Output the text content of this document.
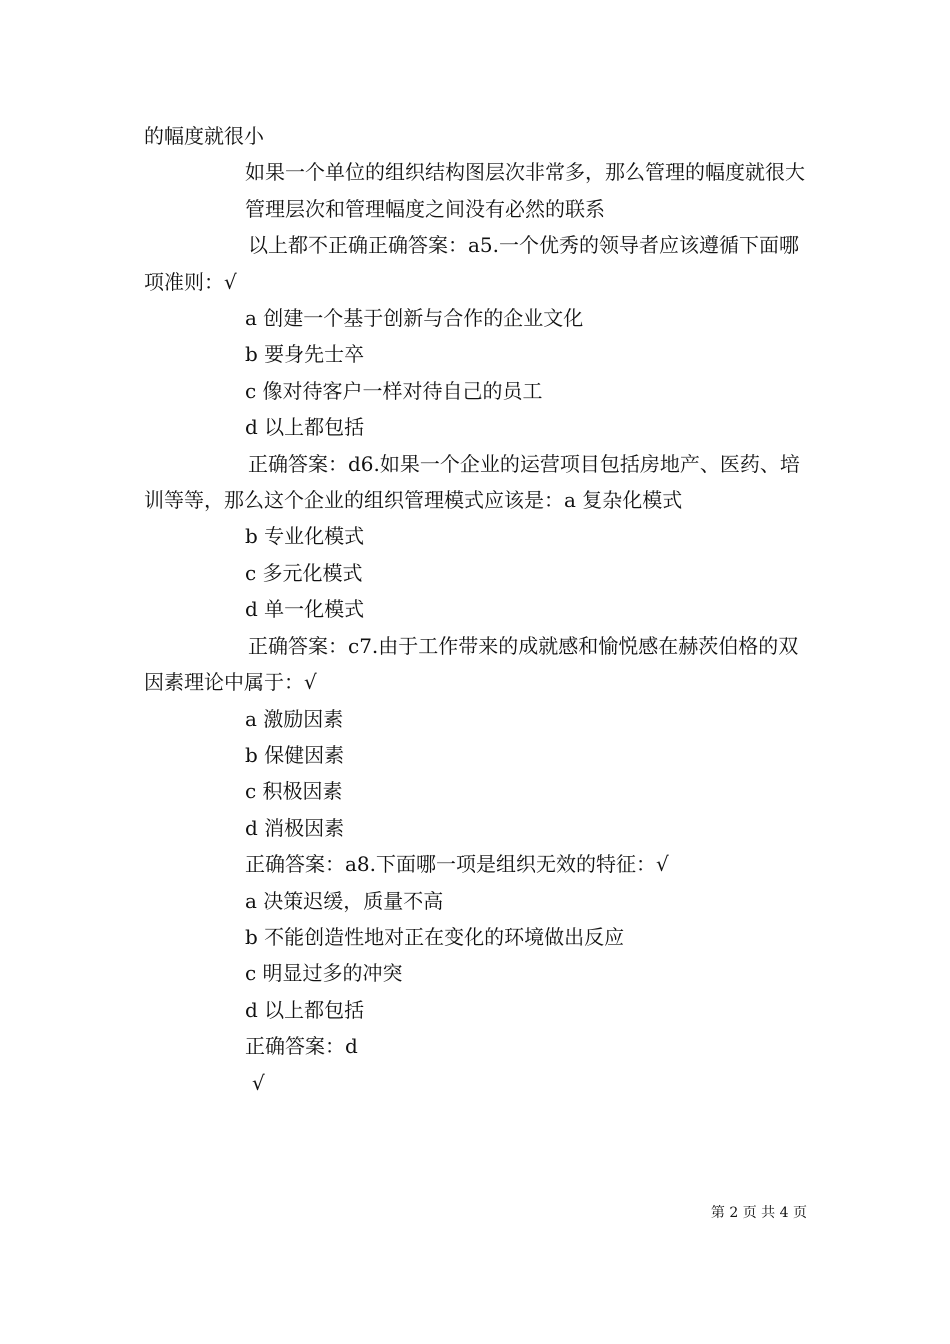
的幅度就很小

如果一个单位的组织结构图层次非常多，那么管理的幅度就很大

管理层次和管理幅度之间没有必然的联系

以上都不正确正确答案：a5.一个优秀的领导者应该遵循下面哪项准则：√

a 创建一个基于创新与合作的企业文化

b 要身先士卒

c 像对待客户一样对待自己的员工

d 以上都包括

正确答案：d6.如果一个企业的运营项目包括房地产、医药、培训等等，那么这个企业的组织管理模式应该是：a 复杂化模式

b 专业化模式

c 多元化模式

d 单一化模式

正确答案：c7.由于工作带来的成就感和愉悦感在赫茨伯格的双因素理论中属于：√

a 激励因素

b 保健因素

c 积极因素

d 消极因素

正确答案：a8.下面哪一项是组织无效的特征：√

a 决策迟缓，质量不高

b 不能创造性地对正在变化的环境做出反应

c 明显过多的冲突

d 以上都包括

正确答案：d

√

第 2 页 共 4 页
